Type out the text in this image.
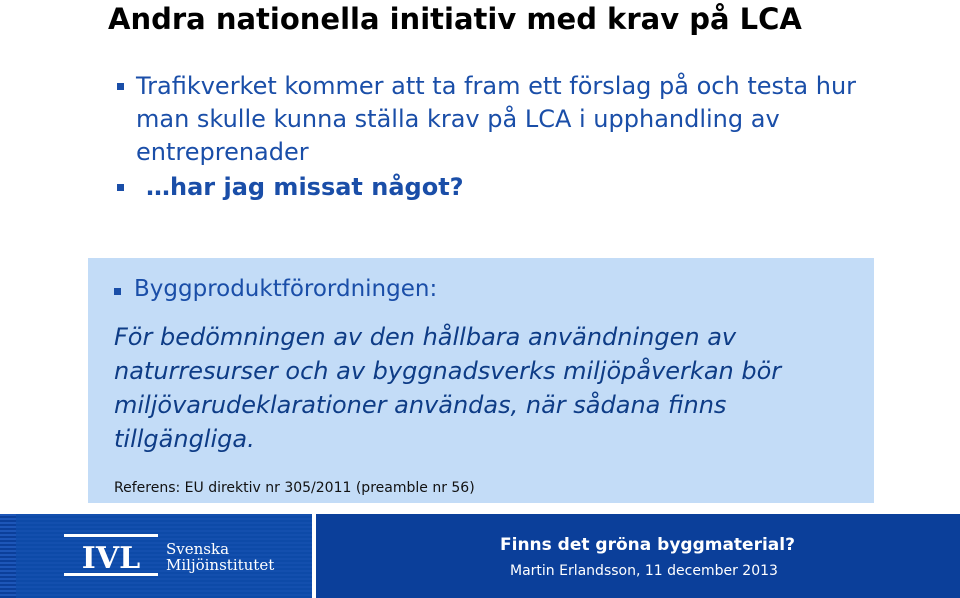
Andra nationella initiativ med krav på LCA
Trafikverket kommer att ta fram ett förslag på och testa hur man skulle kunna ställa krav på LCA i upphandling av entreprenader
…har jag missat något?
Byggproduktförordningen:
För bedömningen av den hållbara användningen av naturresurser och av byggnadsverks miljöpåverkan bör miljövarudeklarationer användas, när sådana finns tillgängliga.
Referens: EU direktiv nr 305/2011 (preamble nr 56)
IVL Svenska
Miljöinstitutet
Finns det gröna byggmaterial?
Martin Erlandsson, 11 december 2013
